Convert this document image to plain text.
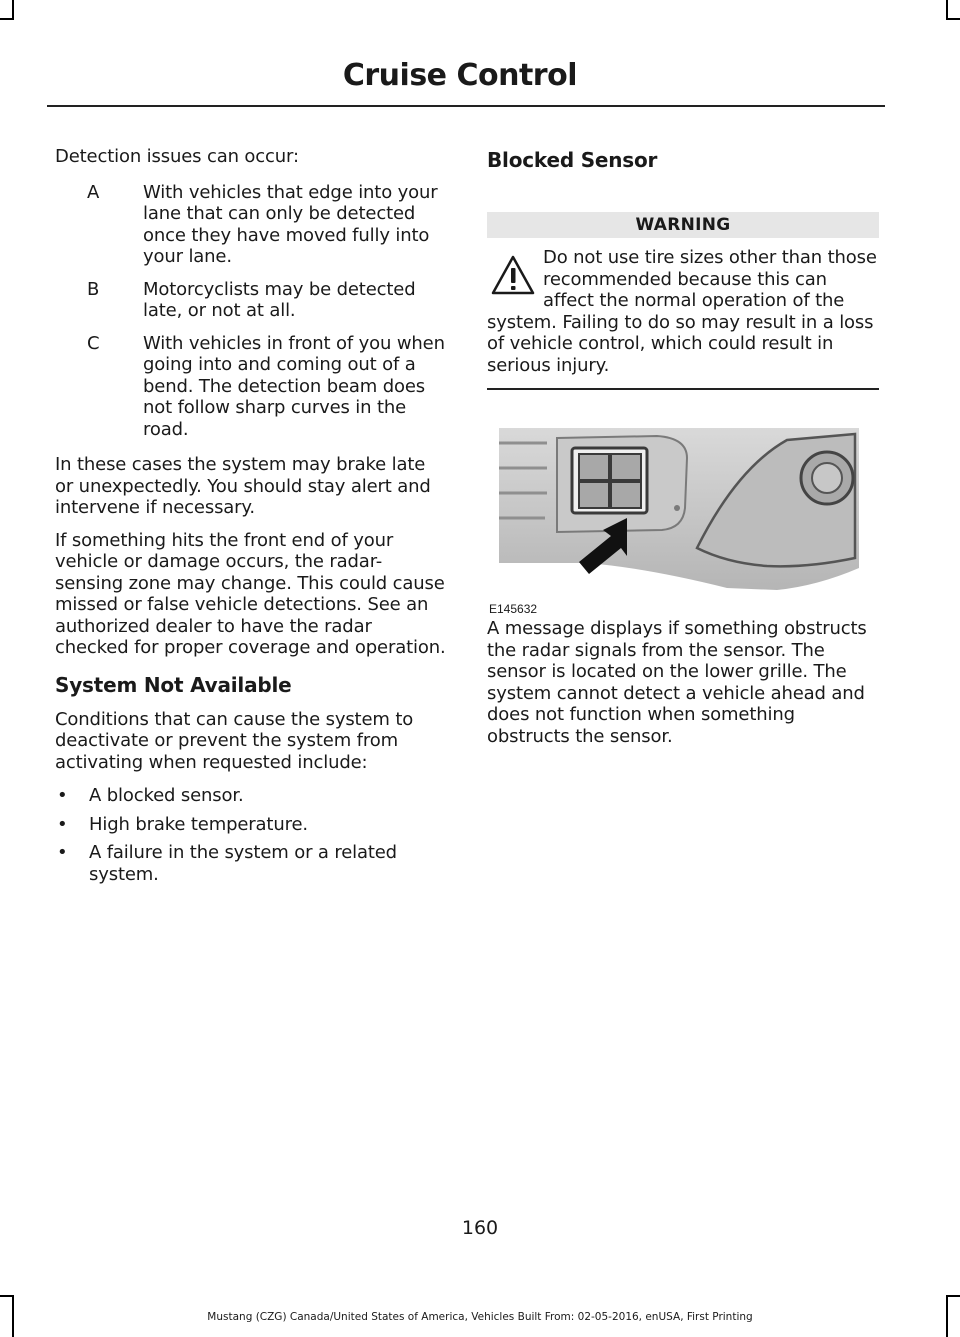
Cruise Control

Detection issues can occur:

A	With vehicles that edge into your lane that can only be detected once they have moved fully into your lane.
B	Motorcyclists may be detected late, or not at all.
C	With vehicles in front of you when going into and coming out of a bend. The detection beam does not follow sharp curves in the road.

In these cases the system may brake late or unexpectedly. You should stay alert and intervene if necessary.

If something hits the front end of your vehicle or damage occurs, the radar-sensing zone may change. This could cause missed or false vehicle detections. See an authorized dealer to have the radar checked for proper coverage and operation.

System Not Available

Conditions that can cause the system to deactivate or prevent the system from activating when requested include:

•	A blocked sensor.
•	High brake temperature.
•	A failure in the system or a related system.
Blocked Sensor
WARNING
Do not use tire sizes other than those recommended because this can affect the normal operation of the system. Failing to do so may result in a loss of vehicle control, which could result in serious injury.
E145632

A message displays if something obstructs the radar signals from the sensor. The sensor is located on the lower grille. The system cannot detect a vehicle ahead and does not function when something obstructs the sensor.

160
Mustang (CZG) Canada/United States of America, Vehicles Built From: 02-05-2016, enUSA, First Printing
